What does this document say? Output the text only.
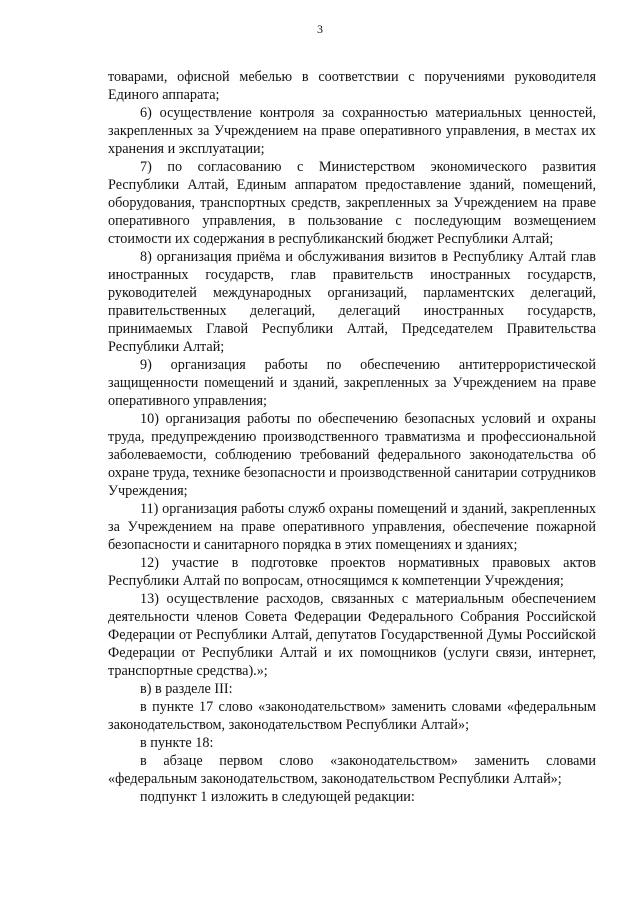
3

товарами, офисной мебелью в соответствии с поручениями руководителя Единого аппарата;

6) осуществление контроля за сохранностью материальных ценностей, закрепленных за Учреждением на праве оперативного управления, в местах их хранения и эксплуатации;

7) по согласованию с Министерством экономического развития Республики Алтай, Единым аппаратом предоставление зданий, помещений, оборудования, транспортных средств, закрепленных за Учреждением на праве оперативного управления, в пользование с последующим возмещением стоимости их содержания в республиканский бюджет Республики Алтай;

8) организация приёма и обслуживания визитов в Республику Алтай глав иностранных государств, глав правительств иностранных государств, руководителей международных организаций, парламентских делегаций, правительственных делегаций, делегаций иностранных государств, принимаемых Главой Республики Алтай, Председателем Правительства Республики Алтай;

9) организация работы по обеспечению антитеррористической защищенности помещений и зданий, закрепленных за Учреждением на праве оперативного управления;

10) организация работы по обеспечению безопасных условий и охраны труда, предупреждению производственного травматизма и профессиональной заболеваемости, соблюдению требований федерального законодательства об охране труда, технике безопасности и производственной санитарии сотрудников Учреждения;

11) организация работы служб охраны помещений и зданий, закрепленных за Учреждением на праве оперативного управления, обеспечение пожарной безопасности и санитарного порядка в этих помещениях и зданиях;

12) участие в подготовке проектов нормативных правовых актов Республики Алтай по вопросам, относящимся к компетенции Учреждения;

13) осуществление расходов, связанных с материальным обеспечением деятельности членов Совета Федерации Федерального Собрания Российской Федерации от Республики Алтай, депутатов Государственной Думы Российской Федерации от Республики Алтай и их помощников (услуги связи, интернет, транспортные средства).»;

в) в разделе III:

в пункте 17 слово «законодательством» заменить словами «федеральным законодательством, законодательством Республики Алтай»;

в пункте 18:

в абзаце первом слово «законодательством» заменить словами «федеральным законодательством, законодательством Республики Алтай»;

подпункт 1 изложить в следующей редакции:
